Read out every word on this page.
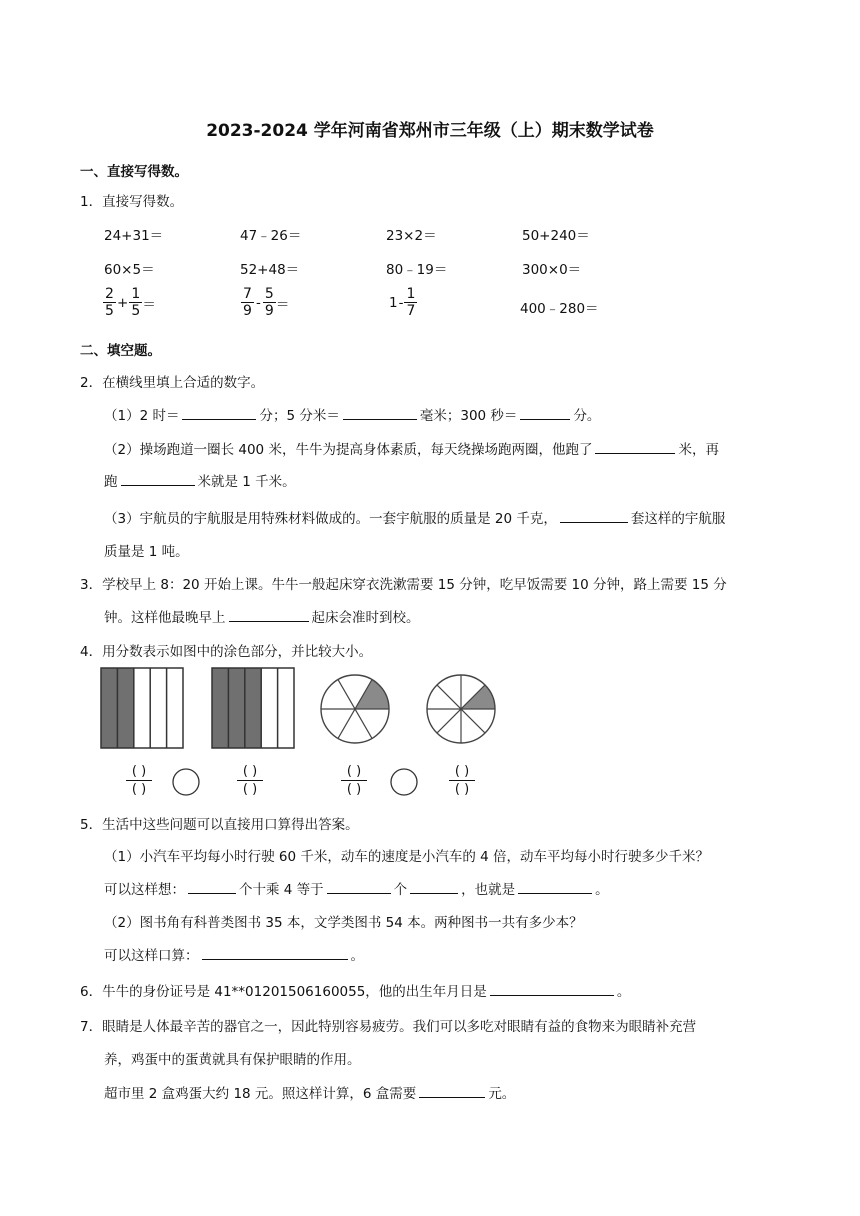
2023-2024 学年河南省郑州市三年级（上）期末数学试卷
一、直接写得数。
1．直接写得数。
24+31＝	47﹣26＝	23×2＝	50+240＝
60×5＝	52+48＝	80﹣19＝	300×0＝
$\frac{2}{5} + \frac{1}{5}$ ＝	$\frac{7}{9} - \frac{5}{9}$ ＝	$1 - \frac{1}{7}$	400﹣280＝
二、填空题。
2．在横线里填上合适的数字。
（1）2 时＝	分；5 分米＝	毫米；300 秒＝	分。
（2）操场跑道一圈长 400 米，牛牛为提高身体素质，每天绕操场跑两圈，他跑了	米，再
跑	米就是 1 千米。
（3）宇航员的宇航服是用特殊材料做成的。一套宇航服的质量是 20 千克，	套这样的宇航服
质量是 1 吨。
3．学校早上 8：20 开始上课。牛牛一般起床穿衣洗漱需要 15 分钟，吃早饭需要 10 分钟，路上需要 15 分
钟。这样他最晚早上	起床会准时到校。
4．用分数表示如图中的涂色部分，并比较大小。
( )
( )
( )
( )
( )
( )
( )
( )
5．生活中这些问题可以直接用口算得出答案。
（1）小汽车平均每小时行驶 60 千米，动车的速度是小汽车的 4 倍，动车平均每小时行驶多少千米？
可以这样想：	个十乘 4 等于	个	，也就是	。
（2）图书角有科普类图书 35 本，文学类图书 54 本。两种图书一共有多少本？
可以这样口算：	。
6．牛牛的身份证号是 41**01201506160055，他的出生年月日是	。
7．眼睛是人体最辛苦的器官之一，因此特别容易疲劳。我们可以多吃对眼睛有益的食物来为眼睛补充营
养，鸡蛋中的蛋黄就具有保护眼睛的作用。
超市里 2 盒鸡蛋大约 18 元。照这样计算，6 盒需要	元。
